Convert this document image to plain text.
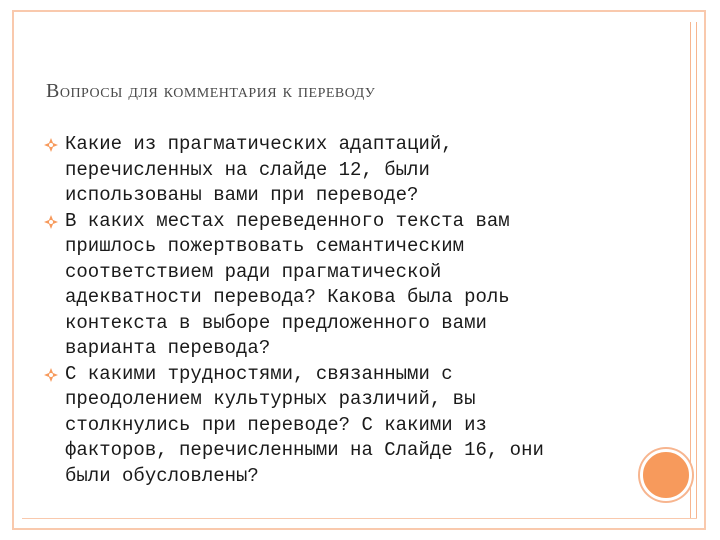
Вопросы для комментария к переводу
Какие из прагматических адаптаций,
перечисленных на слайде 12, были
использованы вами при переводе?
В каких местах переведенного текста вам
пришлось пожертвовать семантическим
соответствием ради прагматической
адекватности перевода? Какова была роль
контекста в выборе предложенного вами
варианта перевода?
С какими трудностями, связанными с
преодолением культурных различий, вы
столкнулись при переводе? С какими из
факторов, перечисленными на Слайде 16, они
были обусловлены?
